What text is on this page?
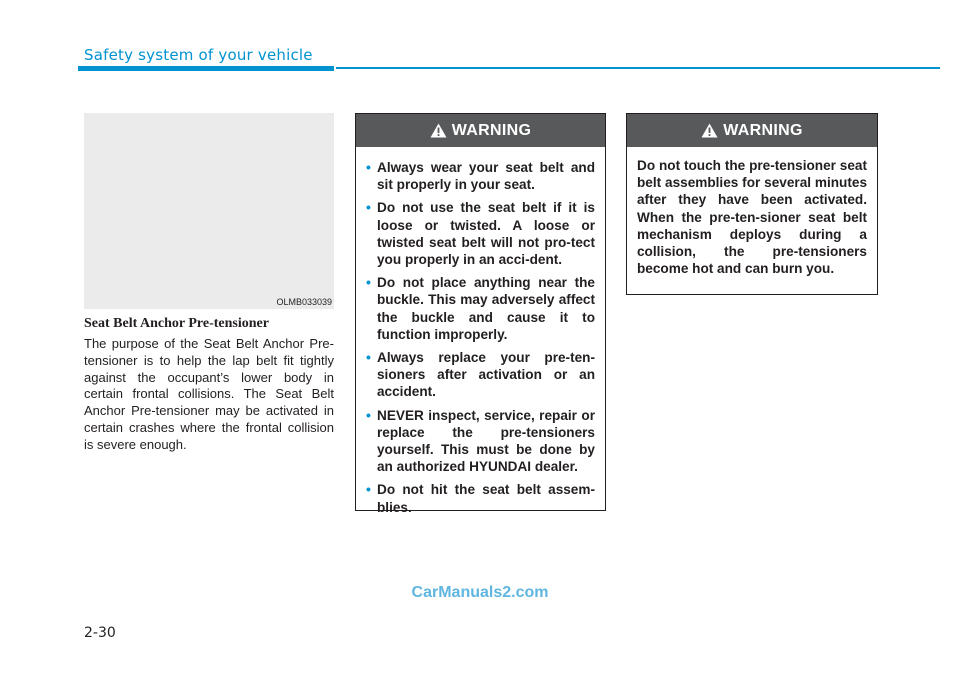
Safety system of your vehicle
OLMB033039
Seat Belt Anchor Pre-tensioner

The purpose of the Seat Belt Anchor Pre-tensioner is to help the lap belt fit tightly against the occupant’s lower body in certain frontal collisions. The Seat Belt Anchor Pre-tensioner may be activated in certain crashes where the frontal collision is severe enough.

WARNING
• Always wear your seat belt and sit properly in your seat.
• Do not use the seat belt if it is loose or twisted. A loose or twisted seat belt will not pro-tect you properly in an acci-dent.
• Do not place anything near the buckle. This may adversely affect the buckle and cause it to function improperly.
• Always replace your pre-ten-sioners after activation or an accident.
• NEVER inspect, service, repair or replace the pre-tensioners yourself. This must be done by an authorized HYUNDAI dealer.
• Do not hit the seat belt assem-blies.
WARNING

Do not touch the pre-tensioner seat belt assemblies for several minutes after they have been activated. When the pre-ten-sioner seat belt mechanism deploys during a collision, the pre-tensioners become hot and can burn you.

CarManuals2.com
2-30
